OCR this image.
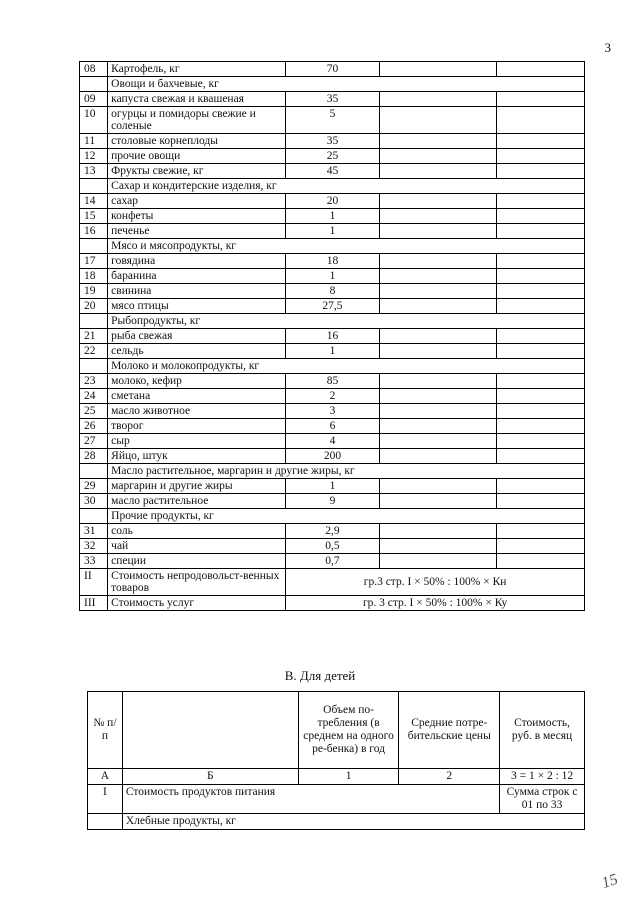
3
08	Картофель, кг	70		
	Овощи и бахчевые, кг			
09	капуста свежая и квашеная	35		
10	огурцы и помидоры свежие и соленые	5		
11	столовые корнеплоды	35		
12	прочие овощи	25		
13	Фрукты свежие, кг	45		
	Сахар и кондитерские изделия, кг			
14	сахар	20		
15	конфеты	1		
16	печенье	1		
	Мясо и мясопродукты, кг			
17	говядина	18		
18	баранина	1		
19	свинина	8		
20	мясо птицы	27,5		
	Рыбопродукты, кг			
21	рыба свежая	16		
22	сельдь	1		
	Молоко и молокопродукты, кг			
23	молоко, кефир	85		
24	сметана	2		
25	масло животное	3		
26	творог	6		
27	сыр	4		
28	Яйцо, штук	200		
	Масло растительное, маргарин и другие жиры, кг			
29	маргарин и другие жиры	1		
30	масло растительное	9		
	Прочие продукты, кг			
31	соль	2,9		
32	чай	0,5		
33	специи	0,7		
II	Стоимость непродовольст-венных товаров	гр.3 стр. I × 50% : 100% × Кн		
III	Стоимость услуг	гр. 3 стр. I × 50% : 100% × Ку		
В. Для детей
№ п/п		Объем по-требления (в среднем на одного ре-бенка) в год	Средние потре-бительские цены	Стоимость, руб. в месяц
А	Б	1	2	3 = 1 × 2 : 12
I	Стоимость продуктов питания			Сумма строк с 01 по 33
	Хлебные продукты, кг			
15
